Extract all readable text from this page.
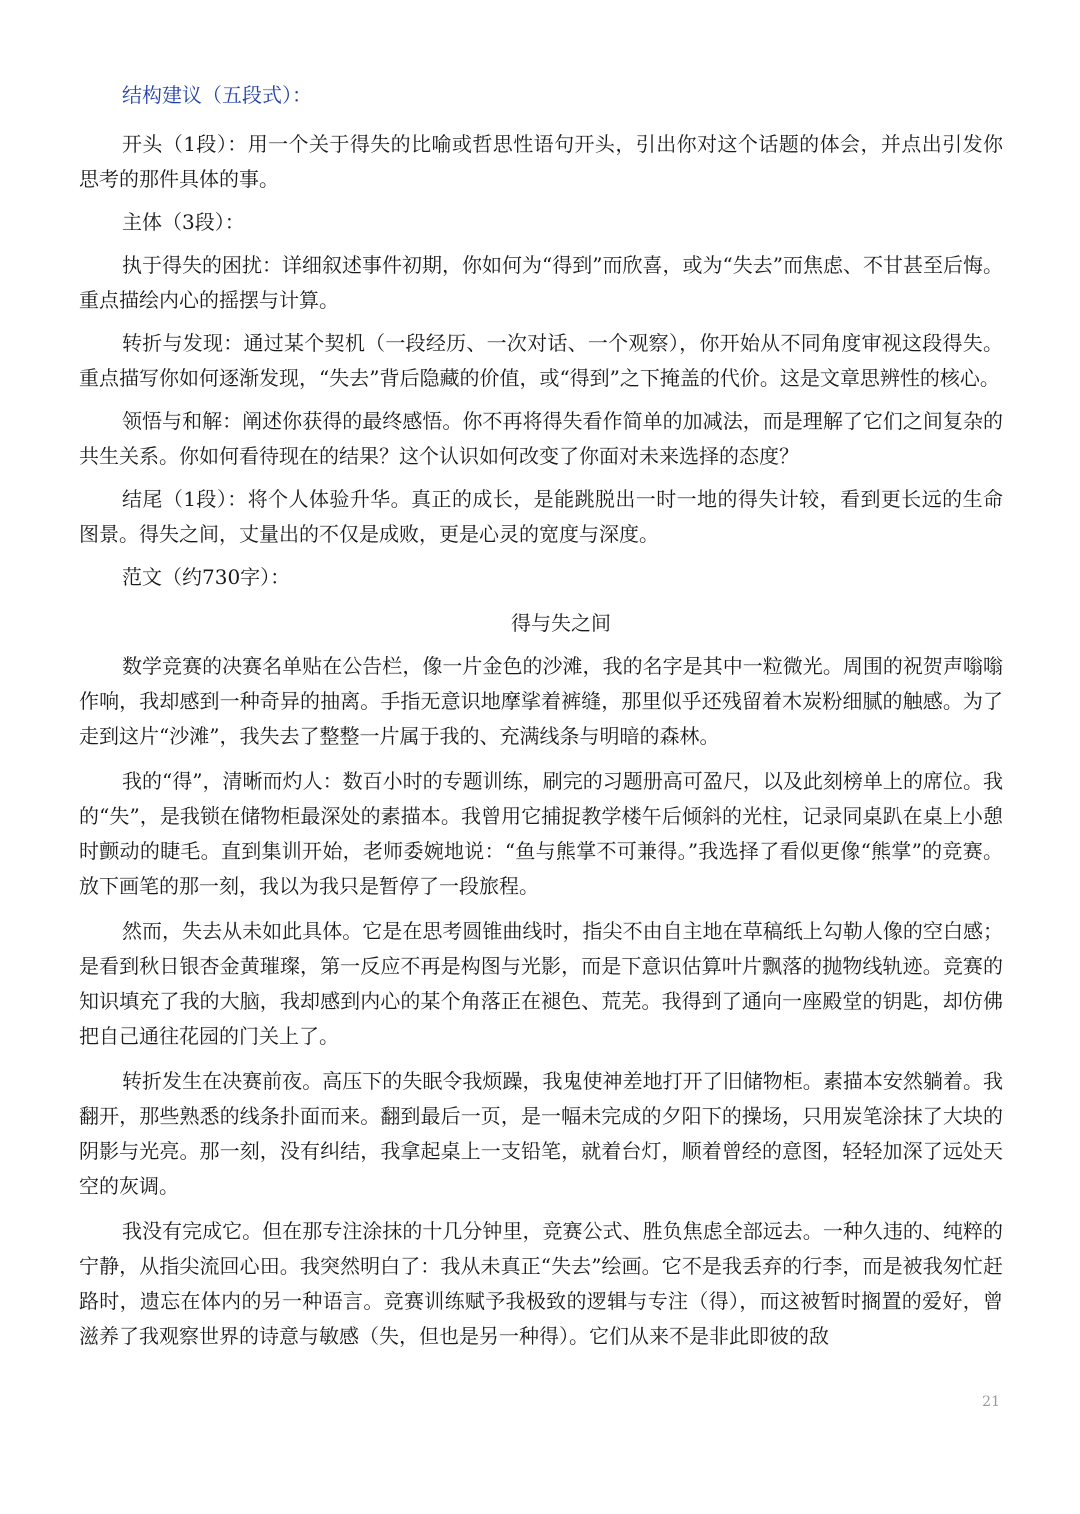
结构建议（五段式）：

开头（1段）：用一个关于得失的比喻或哲思性语句开头，引出你对这个话题的体会，并点出引发你思考的那件具体的事。

主体（3段）：

执于得失的困扰：详细叙述事件初期，你如何为“得到”而欣喜，或为“失去”而焦虑、不甘甚至后悔。重点描绘内心的摇摆与计算。

转折与发现：通过某个契机（一段经历、一次对话、一个观察），你开始从不同角度审视这段得失。重点描写你如何逐渐发现，“失去”背后隐藏的价值，或“得到”之下掩盖的代价。这是文章思辨性的核心。

领悟与和解：阐述你获得的最终感悟。你不再将得失看作简单的加减法，而是理解了它们之间复杂的共生关系。你如何看待现在的结果？这个认识如何改变了你面对未来选择的态度？

结尾（1段）：将个人体验升华。真正的成长，是能跳脱出一时一地的得失计较，看到更长远的生命图景。得失之间，丈量出的不仅是成败，更是心灵的宽度与深度。

范文（约730字）：

得与失之间

数学竞赛的决赛名单贴在公告栏，像一片金色的沙滩，我的名字是其中一粒微光。周围的祝贺声嗡嗡作响，我却感到一种奇异的抽离。手指无意识地摩挲着裤缝，那里似乎还残留着木炭粉细腻的触感。为了走到这片“沙滩”，我失去了整整一片属于我的、充满线条与明暗的森林。

我的“得”，清晰而灼人：数百小时的专题训练，刷完的习题册高可盈尺，以及此刻榜单上的席位。我的“失”，是我锁在储物柜最深处的素描本。我曾用它捕捉教学楼午后倾斜的光柱，记录同桌趴在桌上小憩时颤动的睫毛。直到集训开始，老师委婉地说：“鱼与熊掌不可兼得。”我选择了看似更像“熊掌”的竞赛。放下画笔的那一刻，我以为我只是暂停了一段旅程。

然而，失去从未如此具体。它是在思考圆锥曲线时，指尖不由自主地在草稿纸上勾勒人像的空白感；是看到秋日银杏金黄璀璨，第一反应不再是构图与光影，而是下意识估算叶片飘落的抛物线轨迹。竞赛的知识填充了我的大脑，我却感到内心的某个角落正在褪色、荒芜。我得到了通向一座殿堂的钥匙，却仿佛把自己通往花园的门关上了。

转折发生在决赛前夜。高压下的失眠令我烦躁，我鬼使神差地打开了旧储物柜。素描本安然躺着。我翻开，那些熟悉的线条扑面而来。翻到最后一页，是一幅未完成的夕阳下的操场，只用炭笔涂抹了大块的阴影与光亮。那一刻，没有纠结，我拿起桌上一支铅笔，就着台灯，顺着曾经的意图，轻轻加深了远处天空的灰调。

我没有完成它。但在那专注涂抹的十几分钟里，竞赛公式、胜负焦虑全部远去。一种久违的、纯粹的宁静，从指尖流回心田。我突然明白了：我从未真正“失去”绘画。它不是我丢弃的行李，而是被我匆忙赶路时，遗忘在体内的另一种语言。竞赛训练赋予我极致的逻辑与专注（得），而这被暂时搁置的爱好，曾滋养了我观察世界的诗意与敏感（失，但也是另一种得）。它们从来不是非此即彼的敌

21
